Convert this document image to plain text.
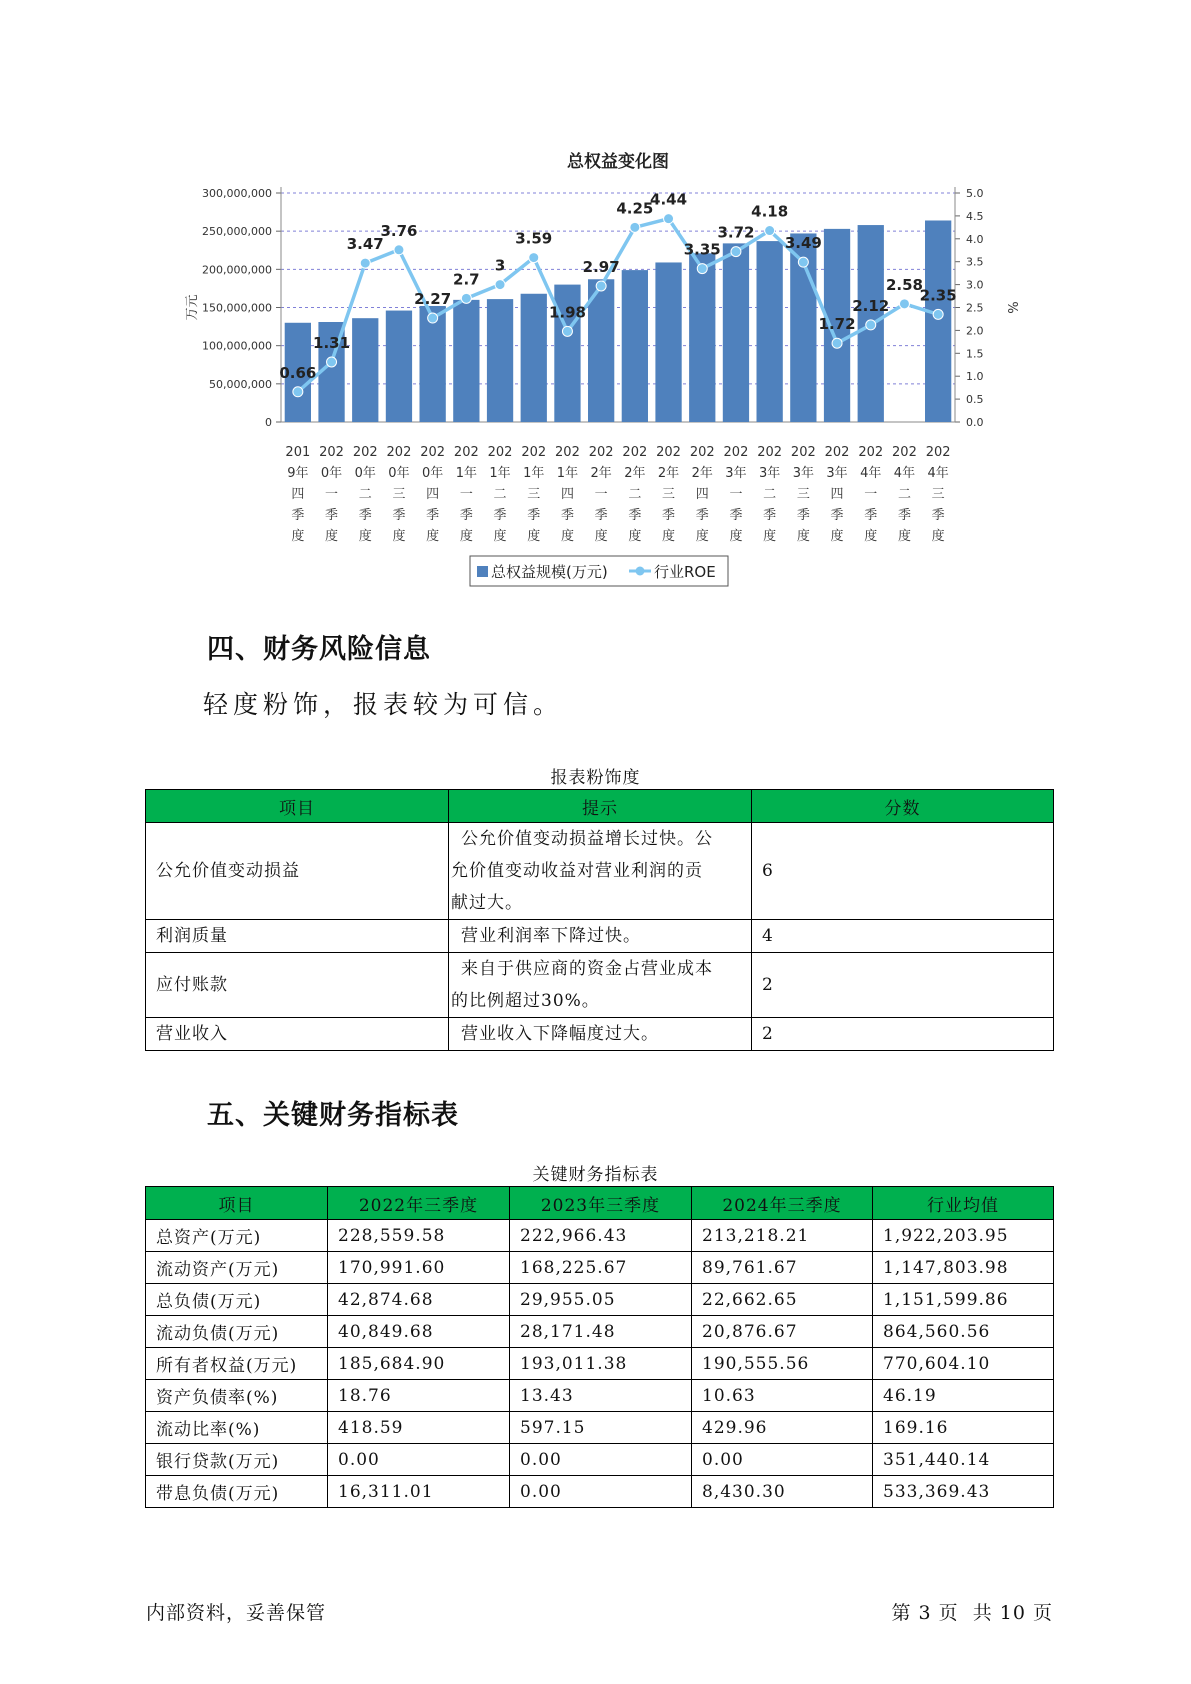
总权益变化图
0
50,000,000
100,000,000
150,000,000
200,000,000
250,000,000
300,000,000
0.0
0.5
1.0
1.5
2.0
2.5
3.0
3.5
4.0
4.5
5.0
万元	%
201
9年
四
季
度
202
0年
一
季
度
202
0年
二
季
度
202
0年
三
季
度
202
0年
四
季
度
202
1年
一
季
度
202
1年
二
季
度
202
1年
三
季
度
202
1年
四
季
度
202
2年
一
季
度
202
2年
二
季
度
202
2年
三
季
度
202
2年
四
季
度
202
3年
一
季
度
202
3年
二
季
度
202
3年
三
季
度
202
3年
四
季
度
202
4年
一
季
度
202
4年
二
季
度
202
4年
三
季
度
0.66
1.31
3.47
3.76
2.27
2.7
3
3.59
1.98
2.97
4.25
4.44
3.35
3.72
4.18
3.49
1.72
2.12
2.58
2.35
总权益规模(万元)	行业ROE
四、财务风险信息

轻度粉饰，报表较为可信。

报表粉饰度
项目	提示	分数
公允价值变动损益	公允价值变动损益增长过快。公
允价值变动收益对营业利润的贡
献过大。	6
利润质量	营业利润率下降过快。	4
应付账款	来自于供应商的资金占营业成本
的比例超过30%。	2
营业收入	营业收入下降幅度过大。	2
五、关键财务指标表
关键财务指标表
项目	2022年三季度	2023年三季度	2024年三季度	行业均值
总资产(万元)	228,559.58	222,966.43	213,218.21	1,922,203.95
流动资产(万元)	170,991.60	168,225.67	89,761.67	1,147,803.98
总负债(万元)	42,874.68	29,955.05	22,662.65	1,151,599.86
流动负债(万元)	40,849.68	28,171.48	20,876.67	864,560.56
所有者权益(万元)	185,684.90	193,011.38	190,555.56	770,604.10
资产负债率(%)	18.76	13.43	10.63	46.19
流动比率(%)	418.59	597.15	429.96	169.16
银行贷款(万元)	0.00	0.00	0.00	351,440.14
带息负债(万元)	16,311.01	0.00	8,430.30	533,369.43
内部资料，妥善保管	第 3 页  共 10 页
